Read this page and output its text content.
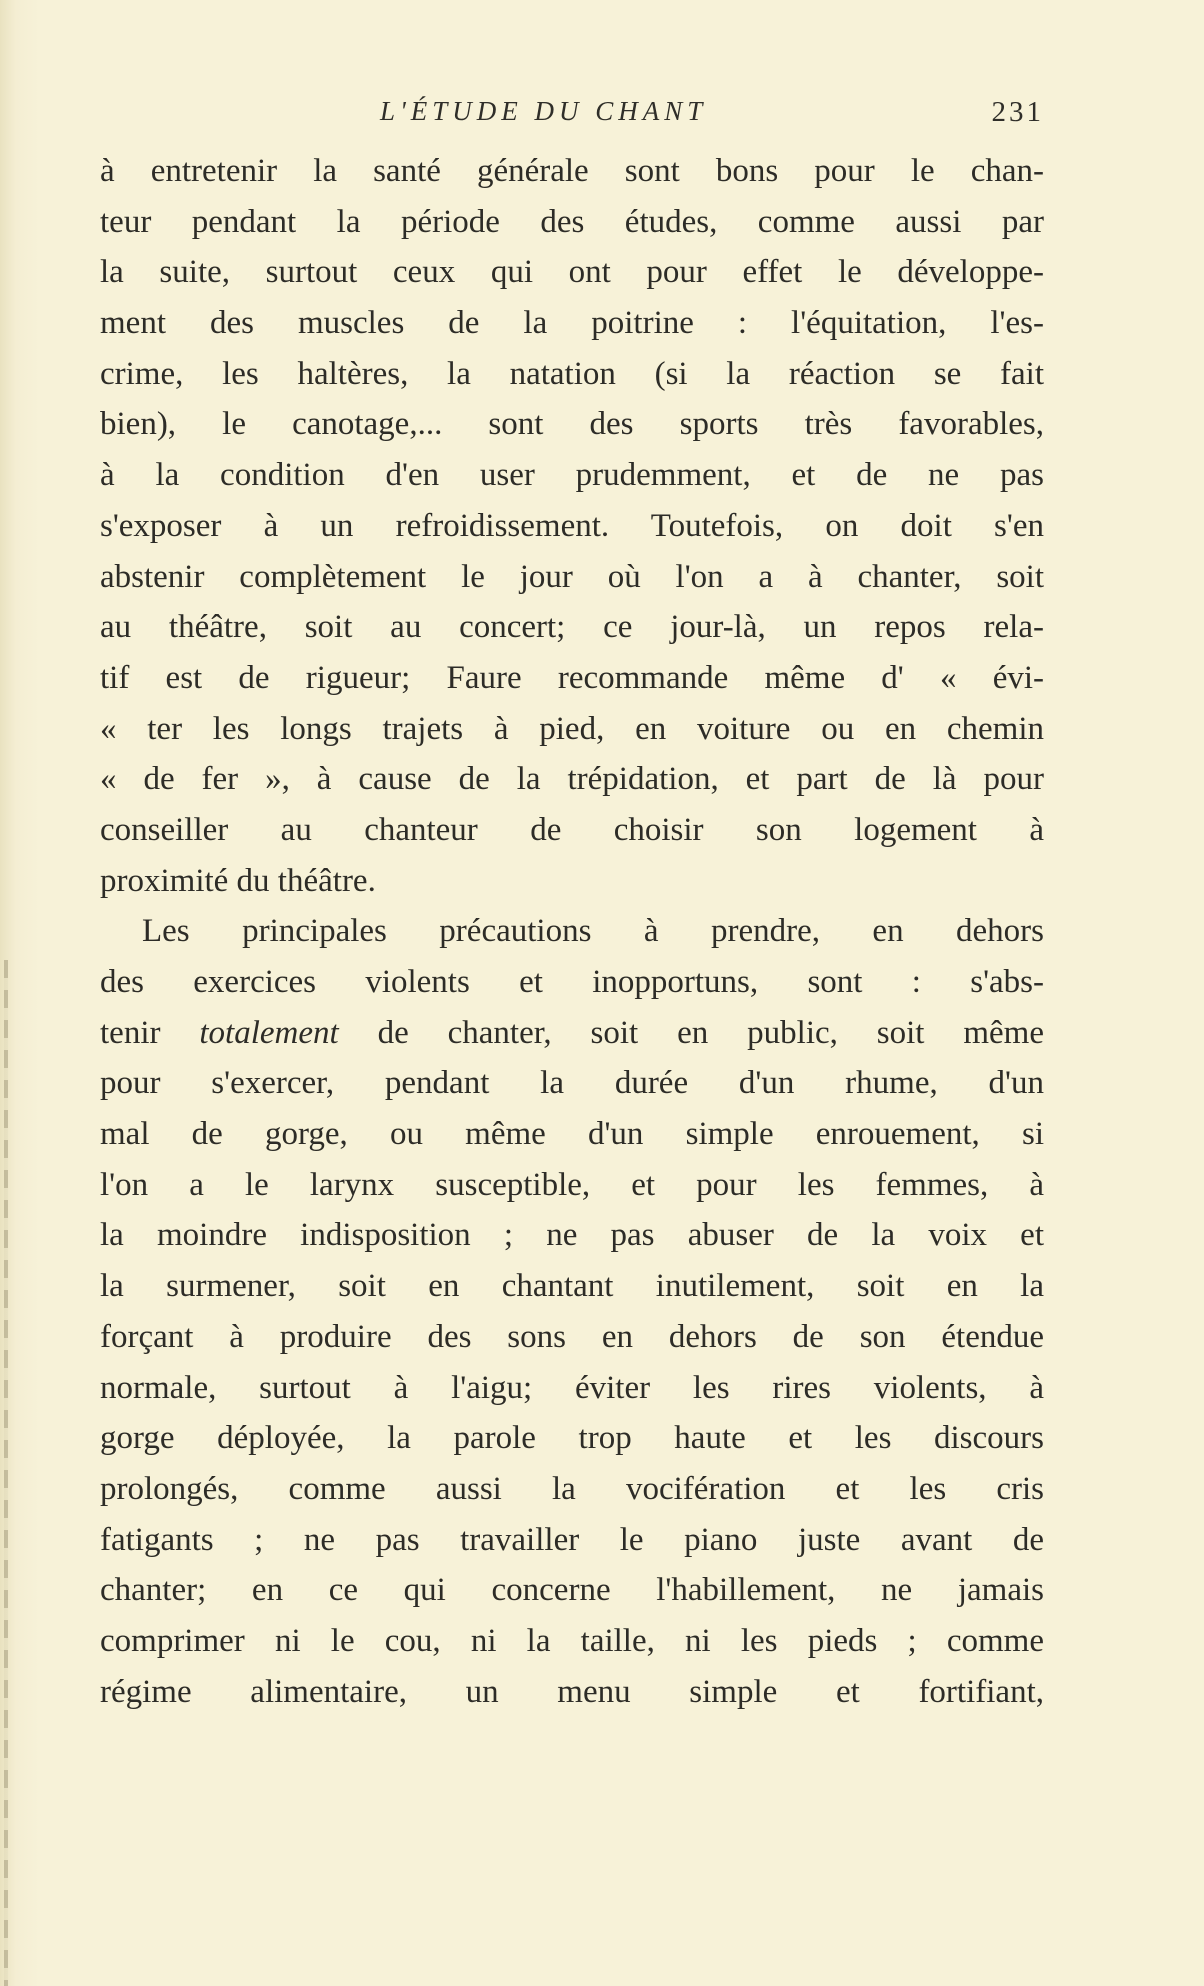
L'ÉTUDE DU CHANT	231
à entretenir la santé générale sont bons pour le chan-
teur pendant la période des études, comme aussi par
la suite, surtout ceux qui ont pour effet le développe-
ment des muscles de la poitrine : l'équitation, l'es-
crime, les haltères, la natation (si la réaction se fait
bien), le canotage,... sont des sports très favorables,
à la condition d'en user prudemment, et de ne pas
s'exposer à un refroidissement. Toutefois, on doit s'en
abstenir complètement le jour où l'on a à chanter, soit
au théâtre, soit au concert; ce jour-là, un repos rela-
tif est de rigueur; Faure recommande même d' « évi-
« ter les longs trajets à pied, en voiture ou en chemin
« de fer », à cause de la trépidation, et part de là pour
conseiller au chanteur de choisir son logement à
proximité du théâtre.
Les principales précautions à prendre, en dehors
des exercices violents et inopportuns, sont : s'abs-
tenir totalement de chanter, soit en public, soit même
pour s'exercer, pendant la durée d'un rhume, d'un
mal de gorge, ou même d'un simple enrouement, si
l'on a le larynx susceptible, et pour les femmes, à
la moindre indisposition ; ne pas abuser de la voix et
la surmener, soit en chantant inutilement, soit en la
forçant à produire des sons en dehors de son étendue
normale, surtout à l'aigu; éviter les rires violents, à
gorge déployée, la parole trop haute et les discours
prolongés, comme aussi la vocifération et les cris
fatigants ; ne pas travailler le piano juste avant de
chanter; en ce qui concerne l'habillement, ne jamais
comprimer ni le cou, ni la taille, ni les pieds ; comme
régime alimentaire, un menu simple et fortifiant,
